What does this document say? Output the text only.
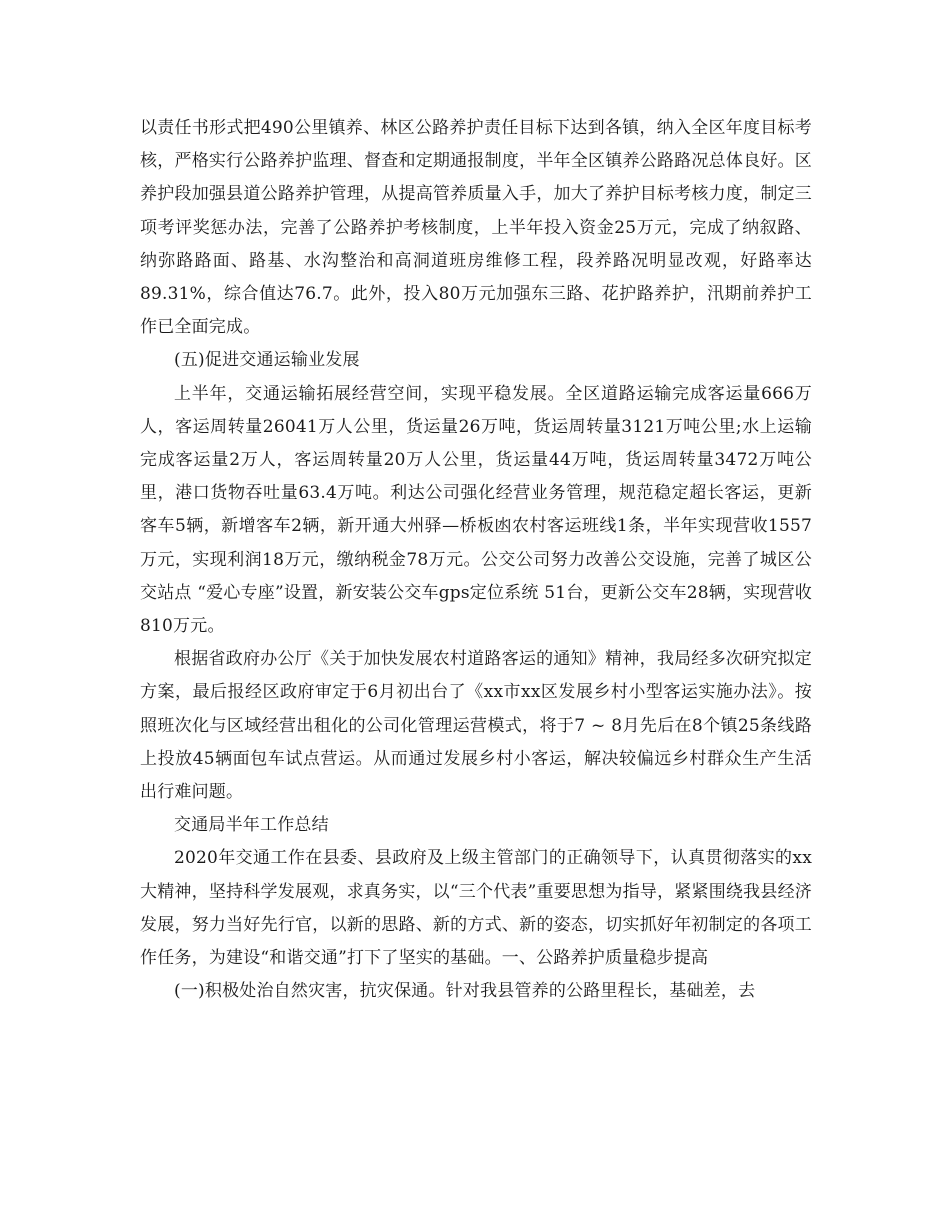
以责任书形式把490公里镇养、林区公路养护责任目标下达到各镇，纳入全区年度目标考核，严格实行公路养护监理、督查和定期通报制度，半年全区镇养公路路况总体良好。区养护段加强县道公路养护管理，从提高管养质量入手，加大了养护目标考核力度，制定三项考评奖惩办法，完善了公路养护考核制度，上半年投入资金25万元，完成了纳叙路、纳弥路路面、路基、水沟整治和高洞道班房维修工程，段养路况明显改观，好路率达89.31%，综合值达76.7。此外，投入80万元加强东三路、花护路养护，汛期前养护工作已全面完成。

(五)促进交通运输业发展

上半年，交通运输拓展经营空间，实现平稳发展。全区道路运输完成客运量666万人，客运周转量26041万人公里，货运量26万吨，货运周转量3121万吨公里;水上运输完成客运量2万人，客运周转量20万人公里，货运量44万吨，货运周转量3472万吨公里，港口货物吞吐量63.4万吨。利达公司强化经营业务管理，规范稳定超长客运，更新客车5辆，新增客车2辆，新开通大州驿—桥板凼农村客运班线1条，半年实现营收1557万元，实现利润18万元，缴纳税金78万元。公交公司努力改善公交设施，完善了城区公交站点 “爱心专座”设置，新安装公交车gps定位系统 51台，更新公交车28辆，实现营收810万元。

根据省政府办公厅《关于加快发展农村道路客运的通知》精神，我局经多次研究拟定方案，最后报经区政府审定于6月初出台了《xx市xx区发展乡村小型客运实施办法》。按照班次化与区域经营出租化的公司化管理运营模式，将于7 ~ 8月先后在8个镇25条线路上投放45辆面包车试点营运。从而通过发展乡村小客运，解决较偏远乡村群众生产生活出行难问题。

交通局半年工作总结

2020年交通工作在县委、县政府及上级主管部门的正确领导下，认真贯彻落实的xx大精神，坚持科学发展观，求真务实，以“三个代表”重要思想为指导，紧紧围绕我县经济发展，努力当好先行官，以新的思路、新的方式、新的姿态，切实抓好年初制定的各项工作任务，为建设“和谐交通”打下了坚实的基础。一、公路养护质量稳步提高

(一)积极处治自然灾害，抗灾保通。针对我县管养的公路里程长，基础差，去
